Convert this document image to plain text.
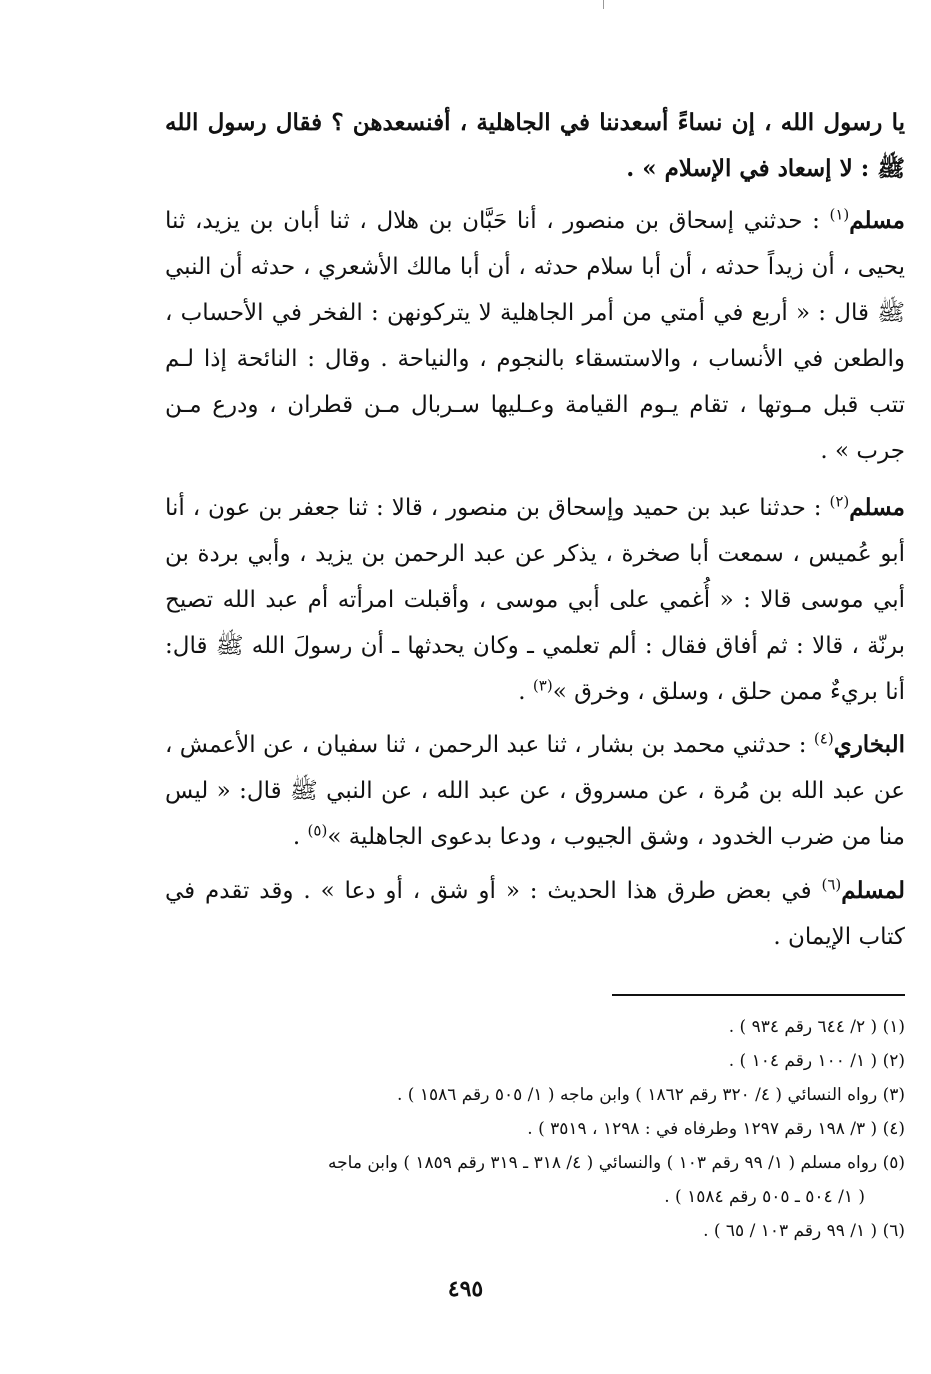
يا رسول الله ، إن نساءً أسعدننا في الجاهلية ، أفنسعدهن ؟ فقال رسول الله ﷺ : لا إسعاد في الإسلام » .
مسلم$^{(١)}$ : حدثني إسحاق بن منصور ، أنا حَبَّان بن هلال ، ثنا أبان بن يزيد، ثنا يحيى ، أن زيداً حدثه ، أن أبا سلام حدثه ، أن أبا مالك الأشعري ، حدثه أن النبي ﷺ قال : « أربع في أمتي من أمر الجاهلية لا يتركونهن : الفخر في الأحساب ، والطعن في الأنساب ، والاستسقاء بالنجوم ، والنياحة . وقال : النائحة إذا لـم تتب قبل مـوتها ، تقام يـوم القيامة وعـليها سـربال مـن قطران ، ودرع مـن جرب » .
مسلم$^{(٢)}$ : حدثنا عبد بن حميد وإسحاق بن منصور ، قالا : ثنا جعفر بن عون ، أنا أبو عُميس ، سمعت أبا صخرة ، يذكر عن عبد الرحمن بن يزيد ، وأبي بردة بن أبي موسى قالا : « أُغمي على أبي موسى ، وأقبلت امرأته أم عبد الله تصيح برنّة ، قالا : ثم أفاق فقال : ألم تعلمي ـ وكان يحدثها ـ أن رسولَ الله ﷺ قال: أنا بريءٌ ممن حلق ، وسلق ، وخرق »$^{(٣)}$ .
البخاري$^{(٤)}$ : حدثني محمد بن بشار ، ثنا عبد الرحمن ، ثنا سفيان ، عن الأعمش ، عن عبد الله بن مُرة ، عن مسروق ، عن عبد الله ، عن النبي ﷺ قال: « ليس منا من ضرب الخدود ، وشق الجيوب ، ودعا بدعوى الجاهلية »$^{(٥)}$ .
لمسلم$^{(٦)}$ في بعض طرق هذا الحديث : « أو شق ، أو دعا » . وقد تقدم في كتاب الإيمان .

(١) ( ٢/ ٦٤٤ رقم ٩٣٤ ) .

(٢) ( ١/ ١٠٠ رقم ١٠٤ ) .

(٣) رواه النسائي ( ٤/ ٣٢٠ رقم ١٨٦٢ ) وابن ماجه ( ١/ ٥٠٥ رقم ١٥٨٦ ) .

(٤) ( ٣/ ١٩٨ رقم ١٢٩٧ وطرفاه في : ١٢٩٨ ، ٣٥١٩ ) .

(٥) رواه مسلم ( ١/ ٩٩ رقم ١٠٣ ) والنسائي ( ٤/ ٣١٨ ـ ٣١٩ رقم ١٨٥٩ ) وابن ماجه

( ١/ ٥٠٤ ـ ٥٠٥ رقم ١٥٨٤ ) .

(٦) ( ١/ ٩٩ رقم ١٠٣ / ٦٥ ) .

٤٩٥
